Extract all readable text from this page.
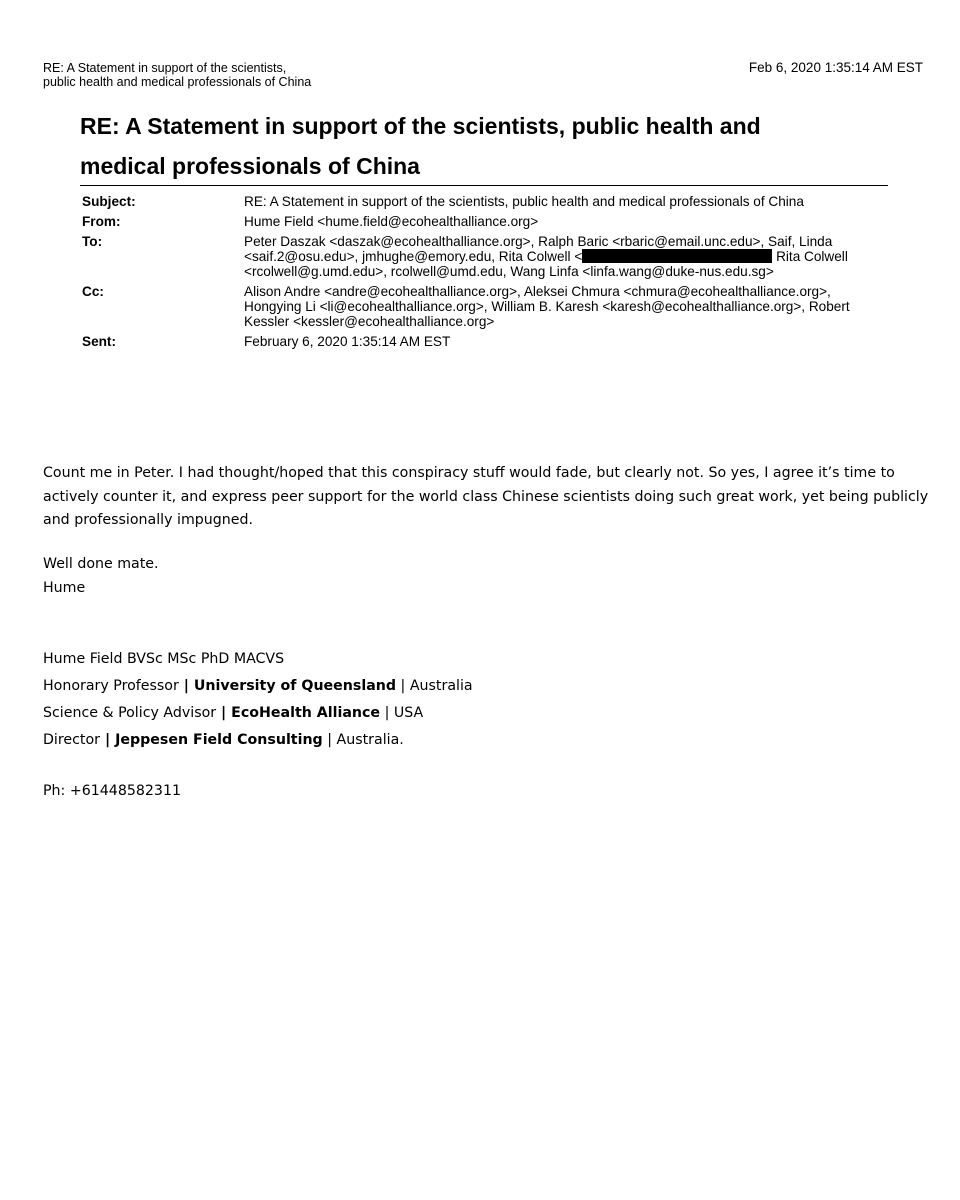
RE: A Statement in support of the scientists, public health and medical professionals of China
Feb 6, 2020 1:35:14 AM EST
RE: A Statement in support of the scientists, public health and
medical professionals of China
Subject:	RE: A Statement in support of the scientists, public health and medical professionals of China
From:	Hume Field <hume.field@ecohealthalliance.org>
To:	Peter Daszak <daszak@ecohealthalliance.org>, Ralph Baric <rbaric@email.unc.edu>, Saif, Linda <saif.2@osu.edu>, jmhughe@emory.edu, Rita Colwell <	Rita Colwell <rcolwell@g.umd.edu>, rcolwell@umd.edu, Wang Linfa <linfa.wang@duke-nus.edu.sg>
Cc:	Alison Andre <andre@ecohealthalliance.org>, Aleksei Chmura <chmura@ecohealthalliance.org>, Hongying Li <li@ecohealthalliance.org>, William B. Karesh <karesh@ecohealthalliance.org>, Robert Kessler <kessler@ecohealthalliance.org>
Sent:	February 6, 2020 1:35:14 AM EST

Count me in Peter. I had thought/hoped that this conspiracy stuff would fade, but clearly not. So yes, I agree it’s time to actively counter it, and express peer support for the world class Chinese scientists doing such great work, yet being publicly and professionally impugned.

Well done mate.
Hume
Hume Field BVSc MSc PhD MACVS
Honorary Professor | University of Queensland | Australia
Science & Policy Advisor | EcoHealth Alliance | USA
Director | Jeppesen Field Consulting | Australia.
Ph: +61448582311
